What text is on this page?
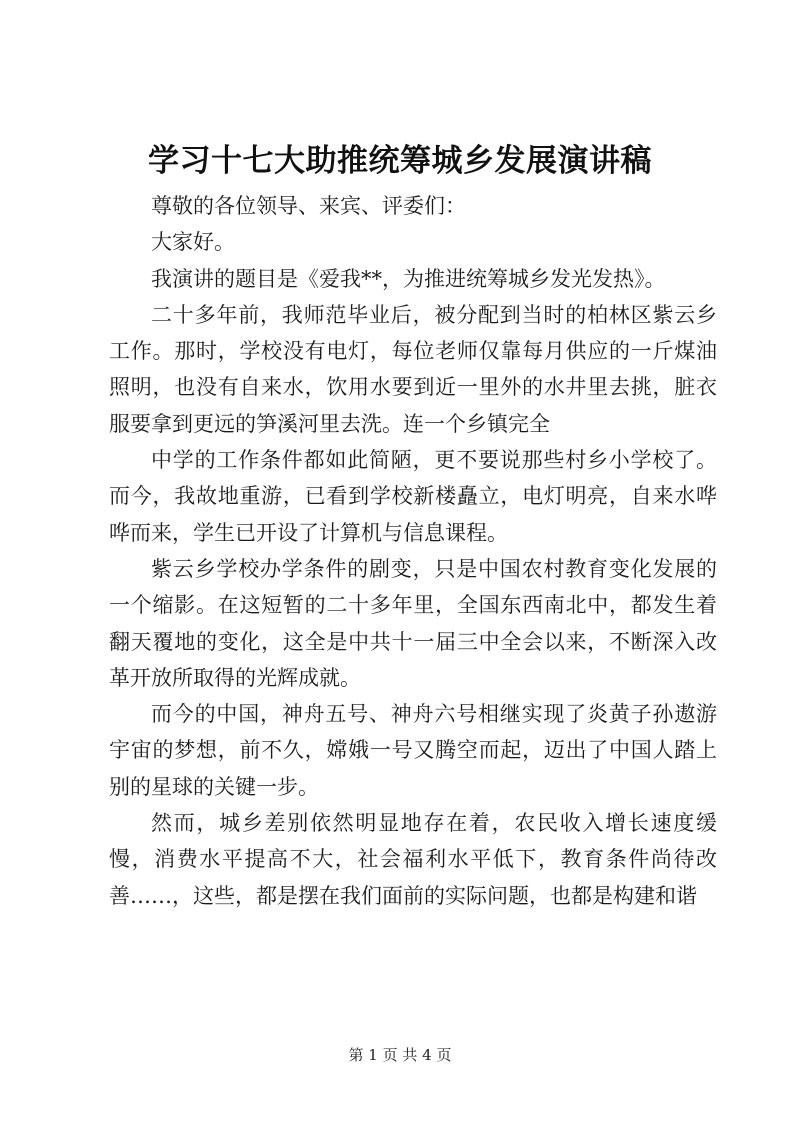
学习十七大助推统筹城乡发展演讲稿

尊敬的各位领导、来宾、评委们：

大家好。

我演讲的题目是《爱我**，为推进统筹城乡发光发热》。

二十多年前，我师范毕业后，被分配到当时的柏林区紫云乡工作。那时，学校没有电灯，每位老师仅靠每月供应的一斤煤油照明，也没有自来水，饮用水要到近一里外的水井里去挑，脏衣服要拿到更远的笋溪河里去洗。连一个乡镇完全

中学的工作条件都如此简陋，更不要说那些村乡小学校了。而今，我故地重游，已看到学校新楼矗立，电灯明亮，自来水哗哗而来，学生已开设了计算机与信息课程。

紫云乡学校办学条件的剧变，只是中国农村教育变化发展的一个缩影。在这短暂的二十多年里，全国东西南北中，都发生着翻天覆地的变化，这全是中共十一届三中全会以来，不断深入改革开放所取得的光辉成就。

而今的中国，神舟五号、神舟六号相继实现了炎黄子孙遨游宇宙的梦想，前不久，嫦娥一号又腾空而起，迈出了中国人踏上别的星球的关键一步。

然而，城乡差别依然明显地存在着，农民收入增长速度缓慢，消费水平提高不大，社会福利水平低下，教育条件尚待改善……，这些，都是摆在我们面前的实际问题，也都是构建和谐

第 1 页 共 4 页
